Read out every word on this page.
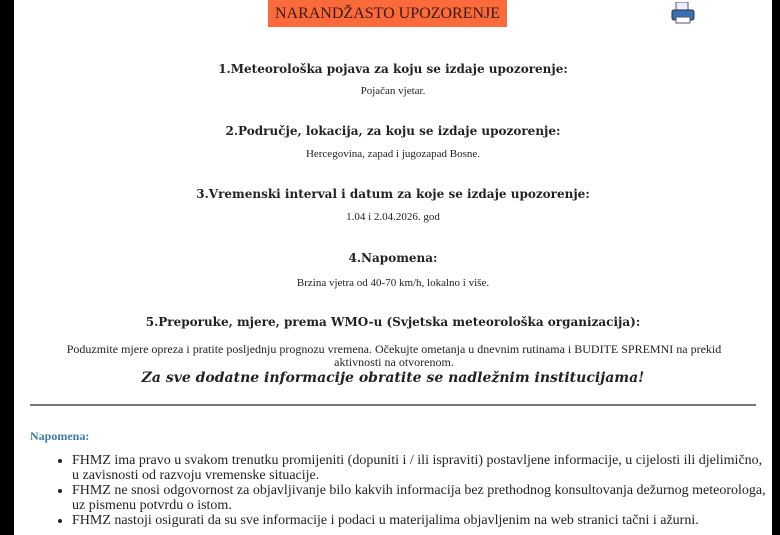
NARANDŽASTO UPOZORENJE
1.Meteorološka pojava za koju se izdaje upozorenje:
Pojačan vjetar.
2.Područje, lokacija, za koju se izdaje upozorenje:
Hercegovina, zapad i jugozapad Bosne.
3.Vremenski interval i datum za koje se izdaje upozorenje:
1.04 i 2.04.2026. god
4.Napomena:
Brzina vjetra od 40-70 km/h, lokalno i više.
5.Preporuke, mjere, prema WMO-u (Svjetska meteorološka organizacija):
Poduzmite mjere opreza i pratite posljednju prognozu vremena. Očekujte ometanja u dnevnim rutinama i BUDITE SPREMNI na prekid aktivnosti na otvorenom.
Za sve dodatne informacije obratite se nadležnim institucijama!
Napomena:
• FHMZ ima pravo u svakom trenutku promijeniti (dopuniti i / ili ispraviti) postavljene informacije, u cijelosti ili djelimično, u zavisnosti od razvoju vremenske situacije.
• FHMZ ne snosi odgovornost za objavljivanje bilo kakvih informacija bez prethodnog konsultovanja dežurnog meteorologa, uz pismenu potvrdu o istom.
• FHMZ nastoji osigurati da su sve informacije i podaci u materijalima objavljenim na web stranici tačni i ažurni.
